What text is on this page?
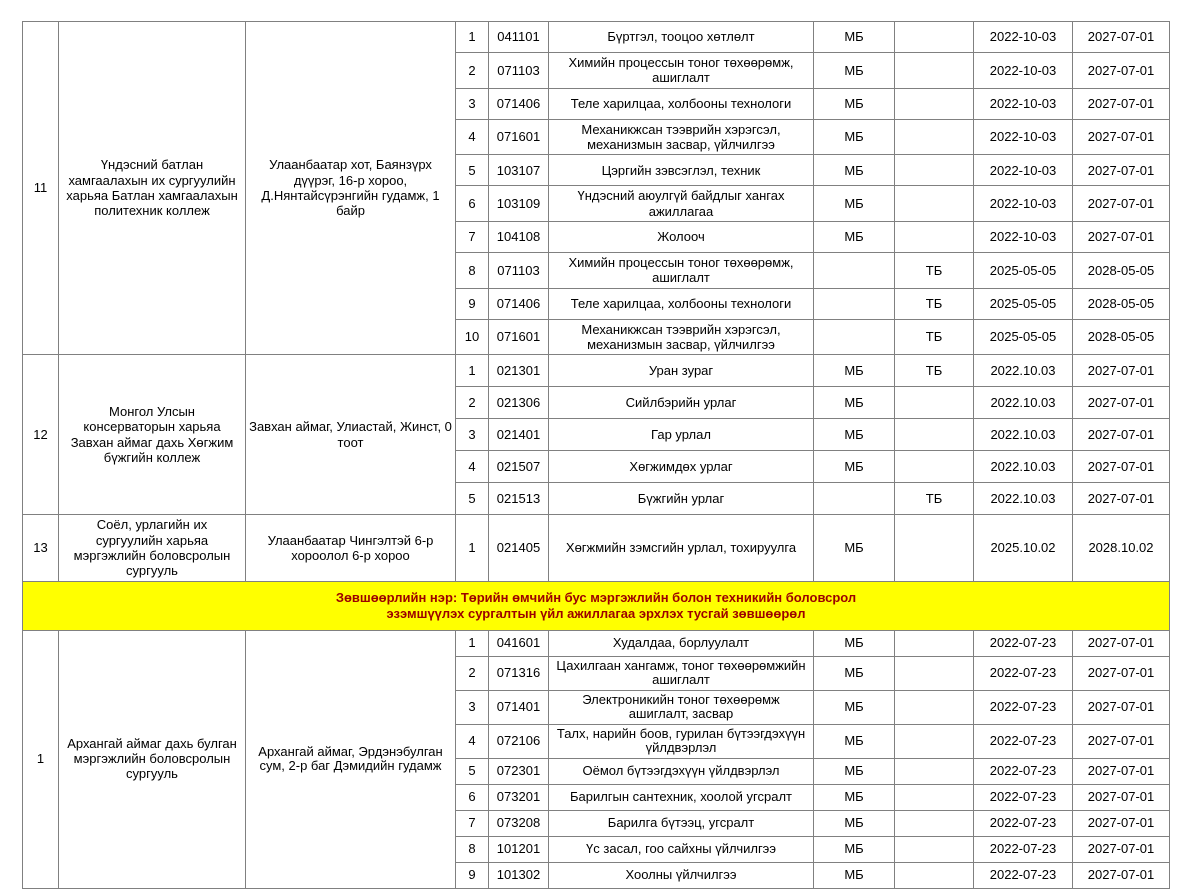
11	Үндэсний батлан хамгаалахын их сургуулийн харьяа Батлан хамгаалахын политехник коллеж	Улаанбаатар хот, Баянзүрх дүүрэг, 16-р хороо, Д.Нянтайсүрэнгийн гудамж, 1 байр	1	041101	Бүртгэл, тооцоо хөтлөлт	МБ		2022-10-03	2027-07-01
			2	071103	Химийн процессын тоног төхөөрөмж, ашиглалт	МБ		2022-10-03	2027-07-01
			3	071406	Теле харилцаа, холбооны технологи	МБ		2022-10-03	2027-07-01
			4	071601	Механикжсан тээврийн хэрэгсэл, механизмын засвар, үйлчилгээ	МБ		2022-10-03	2027-07-01
			5	103107	Цэргийн зэвсэглэл, техник	МБ		2022-10-03	2027-07-01
			6	103109	Үндэсний аюулгүй байдлыг хангах ажиллагаа	МБ		2022-10-03	2027-07-01
			7	104108	Жолооч	МБ		2022-10-03	2027-07-01
			8	071103	Химийн процессын тоног төхөөрөмж, ашиглалт		ТБ	2025-05-05	2028-05-05
			9	071406	Теле харилцаа, холбооны технологи		ТБ	2025-05-05	2028-05-05
			10	071601	Механикжсан тээврийн хэрэгсэл, механизмын засвар, үйлчилгээ		ТБ	2025-05-05	2028-05-05
12	Монгол Улсын консерваторын харьяа Завхан аймаг дахь Хөгжим бүжгийн коллеж	Завхан аймаг, Улиастай, Жинст, 0 тоот	1	021301	Уран зураг	МБ	ТБ	2022.10.03	2027-07-01
			2	021306	Сийлбэрийн урлаг	МБ		2022.10.03	2027-07-01
			3	021401	Гар урлал	МБ		2022.10.03	2027-07-01
			4	021507	Хөгжимдөх урлаг	МБ		2022.10.03	2027-07-01
			5	021513	Бүжгийн урлаг		ТБ	2022.10.03	2027-07-01
13	Соёл, урлагийн их сургуулийн харьяа мэргэжлийн боловсролын сургууль	Улаанбаатар Чингэлтэй 6-р хороолол 6-р хороо	1	021405	Хөгжмийн зэмсгийн урлал, тохируулга	МБ		2025.10.02	2028.10.02

Зөвшөөрлийн нэр: Төрийн өмчийн бус мэргэжлийн болон техникийн боловсрол
эзэмшүүлэх сургалтын үйл ажиллагаа эрхлэх тусгай зөвшөөрөл									

1	Архангай аймаг дахь булган мэргэжлийн боловсролын сургууль	Архангай аймаг, Эрдэнэбулган сум, 2-р баг Дэмидийн гудамж	1	041601	Худалдаа, борлуулалт	МБ		2022-07-23	2027-07-01
			2	071316	Цахилгаан хангамж, тоног төхөөрөмжийн ашиглалт	МБ		2022-07-23	2027-07-01
			3	071401	Электроникийн тоног төхөөрөмж ашиглалт, засвар	МБ		2022-07-23	2027-07-01
			4	072106	Талх, нарийн боов, гурилан бүтээгдэхүүн үйлдвэрлэл	МБ		2022-07-23	2027-07-01
			5	072301	Оёмол бүтээгдэхүүн үйлдвэрлэл	МБ		2022-07-23	2027-07-01
			6	073201	Барилгын сантехник, хоолой угсралт	МБ		2022-07-23	2027-07-01
			7	073208	Барилга бүтээц, угсралт	МБ		2022-07-23	2027-07-01
			8	101201	Үс засал, гоо сайхны үйлчилгээ	МБ		2022-07-23	2027-07-01
			9	101302	Хоолны үйлчилгээ	МБ		2022-07-23	2027-07-01
